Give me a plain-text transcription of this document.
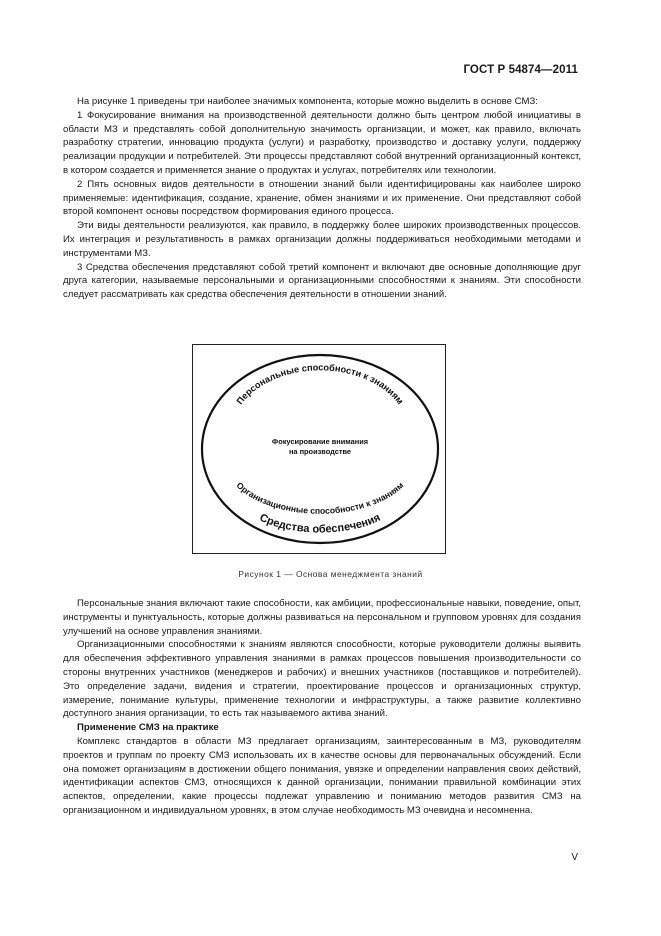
ГОСТ Р 54874—2011

На рисунке 1 приведены три наиболее значимых компонента, которые можно выделить в основе СМЗ:

1 Фокусирование внимания на производственной деятельности должно быть центром любой инициативы в области МЗ и представлять собой дополнительную значимость организации, и может, как правило, включать разработку стратегии, инновацию продукта (услуги) и разработку, производство и доставку услуги, поддержку реализации продукции и потребителей. Эти процессы представляют собой внутренний организационный контекст, в котором создается и применяется знание о продуктах и услугах, потребителях или технологии.

2 Пять основных видов деятельности в отношении знаний были идентифицированы как наиболее широко применяемые: идентификация, создание, хранение, обмен знаниями и их применение. Они представляют собой второй компонент основы посредством формирования единого процесса.

Эти виды деятельности реализуются, как правило, в поддержку более широких производственных процессов. Их интеграция и результативность в рамках организации должны поддерживаться необходимыми методами и инструментами МЗ.

3 Средства обеспечения представляют собой третий компонент и включают две основные дополняющие друг друга категории, называемые персональными и организационными способностями к знаниям. Эти способности следует рассматривать как средства обеспечения деятельности в отношении знаний.

Персональные способности к знаниям
Фокусирование внимания
на производстве
Организационные способности к знаниям
Средства обеспечения
Рисунок 1 — Основа менеджмента знаний

Персональные знания включают такие способности, как амбиции, профессиональные навыки, поведение, опыт, инструменты и пунктуальность, которые должны развиваться на персональном и групповом уровнях для создания улучшений на основе управления знаниями.

Организационными способностями к знаниям являются способности, которые руководители должны выявить для обеспечения эффективного управления знаниями в рамках процессов повышения производительности со стороны внутренних участников (менеджеров и рабочих) и внешних участников (поставщиков и потребителей). Это определение задачи, видения и стратегии, проектирование процессов и организационных структур, измерение, понимание культуры, применение технологии и инфраструктуры, а также развитие коллективно доступного знания организации, то есть так называемого актива знаний.

Применение СМЗ на практике

Комплекс стандартов в области МЗ предлагает организациям, заинтересованным в МЗ, руководителям проектов и группам по проекту СМЗ использовать их в качестве основы для первоначальных обсуждений. Если она поможет организациям в достижении общего понимания, увязке и определении направления своих действий, идентификации аспектов СМЗ, относящихся к данной организации, понимании правильной комбинации этих аспектов, определении, какие процессы подлежат управлению и пониманию методов развития СМЗ на организационном и индивидуальном уровнях, в этом случае необходимость МЗ очевидна и несомненна.

V
